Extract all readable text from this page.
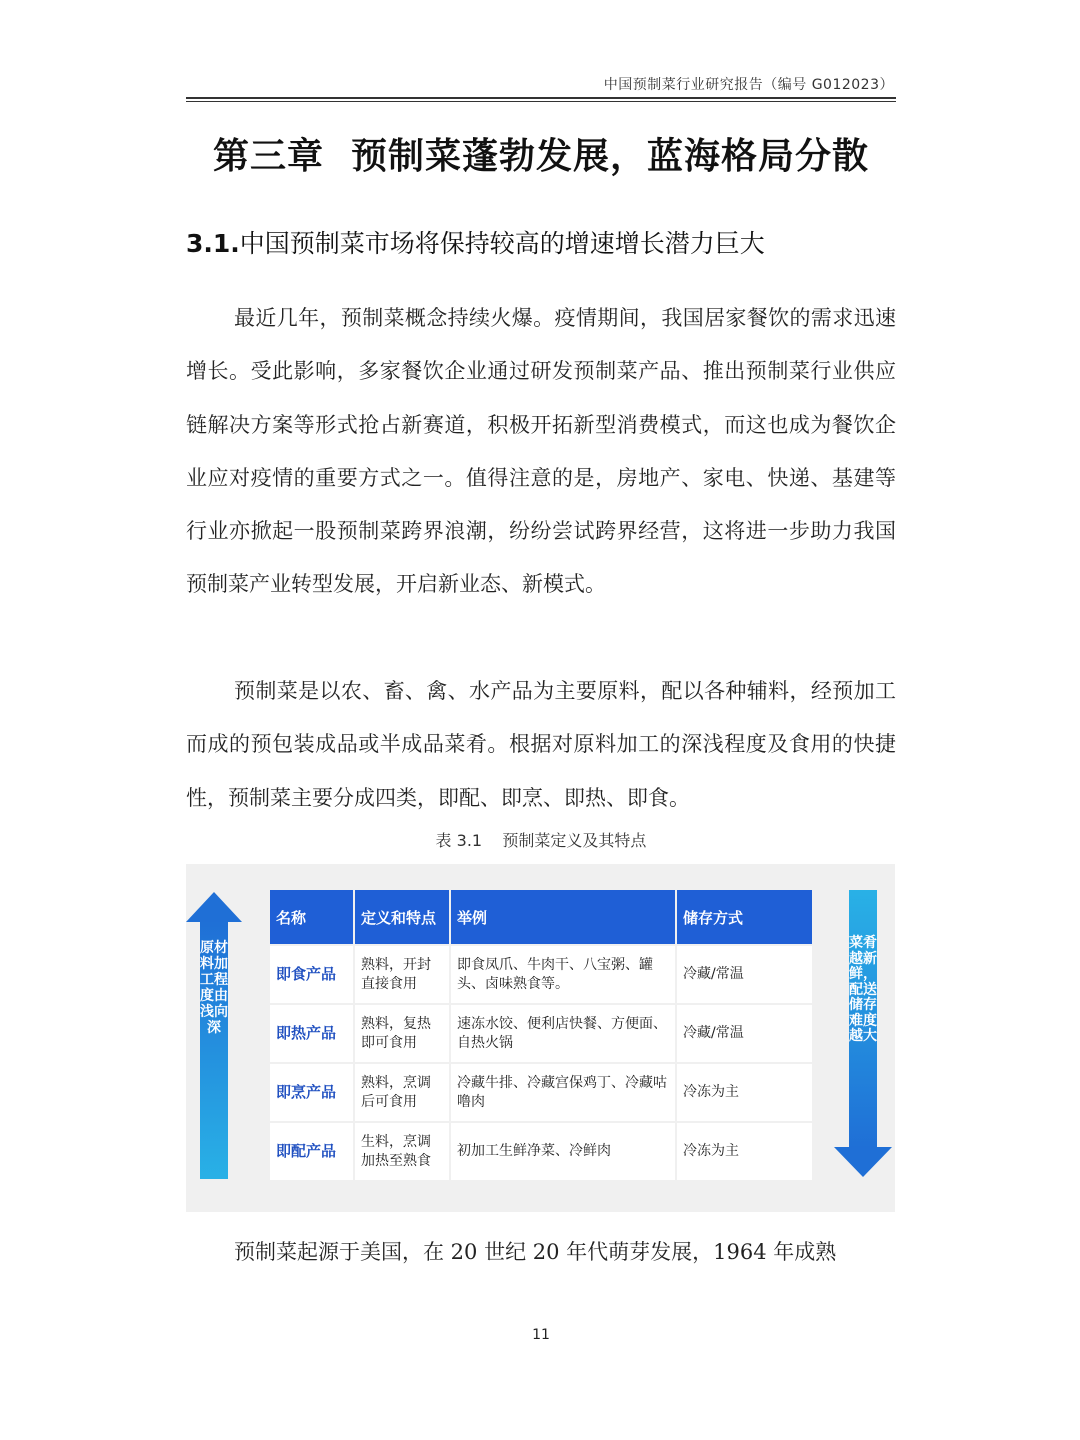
中国预制菜行业研究报告（编号 G012023）
第三章  预制菜蓬勃发展，蓝海格局分散
3.1.中国预制菜市场将保持较高的增速增长潜力巨大

最近几年，预制菜概念持续火爆。疫情期间，我国居家餐饮的需求迅速增长。受此影响，多家餐饮企业通过研发预制菜产品、推出预制菜行业供应链解决方案等形式抢占新赛道，积极开拓新型消费模式，而这也成为餐饮企业应对疫情的重要方式之一。值得注意的是，房地产、家电、快递、基建等行业亦掀起一股预制菜跨界浪潮，纷纷尝试跨界经营，这将进一步助力我国预制菜产业转型发展，开启新业态、新模式。

预制菜是以农、畜、禽、水产品为主要原料，配以各种辅料，经预加工而成的预包装成品或半成品菜肴。根据对原料加工的深浅程度及食用的快捷性，预制菜主要分成四类，即配、即烹、即热、即食。

表 3.1    预制菜定义及其特点
原材料加工程度由浅向深
名称	定义和特点	举例	储存方式
即食产品	熟料，开封直接食用	即食凤爪、牛肉干、八宝粥、罐头、卤味熟食等。	冷藏/常温
即热产品	熟料，复热即可食用	速冻水饺、便利店快餐、方便面、自热火锅	冷藏/常温
即烹产品	熟料，烹调后可食用	冷藏牛排、冷藏宫保鸡丁、冷藏咕噜肉	冷冻为主
即配产品	生料，烹调加热至熟食	初加工生鲜净菜、冷鲜肉	冷冻为主
菜肴越新鲜，配送储存难度越大

预制菜起源于美国，在 20 世纪 20 年代萌芽发展，1964 年成熟

11
